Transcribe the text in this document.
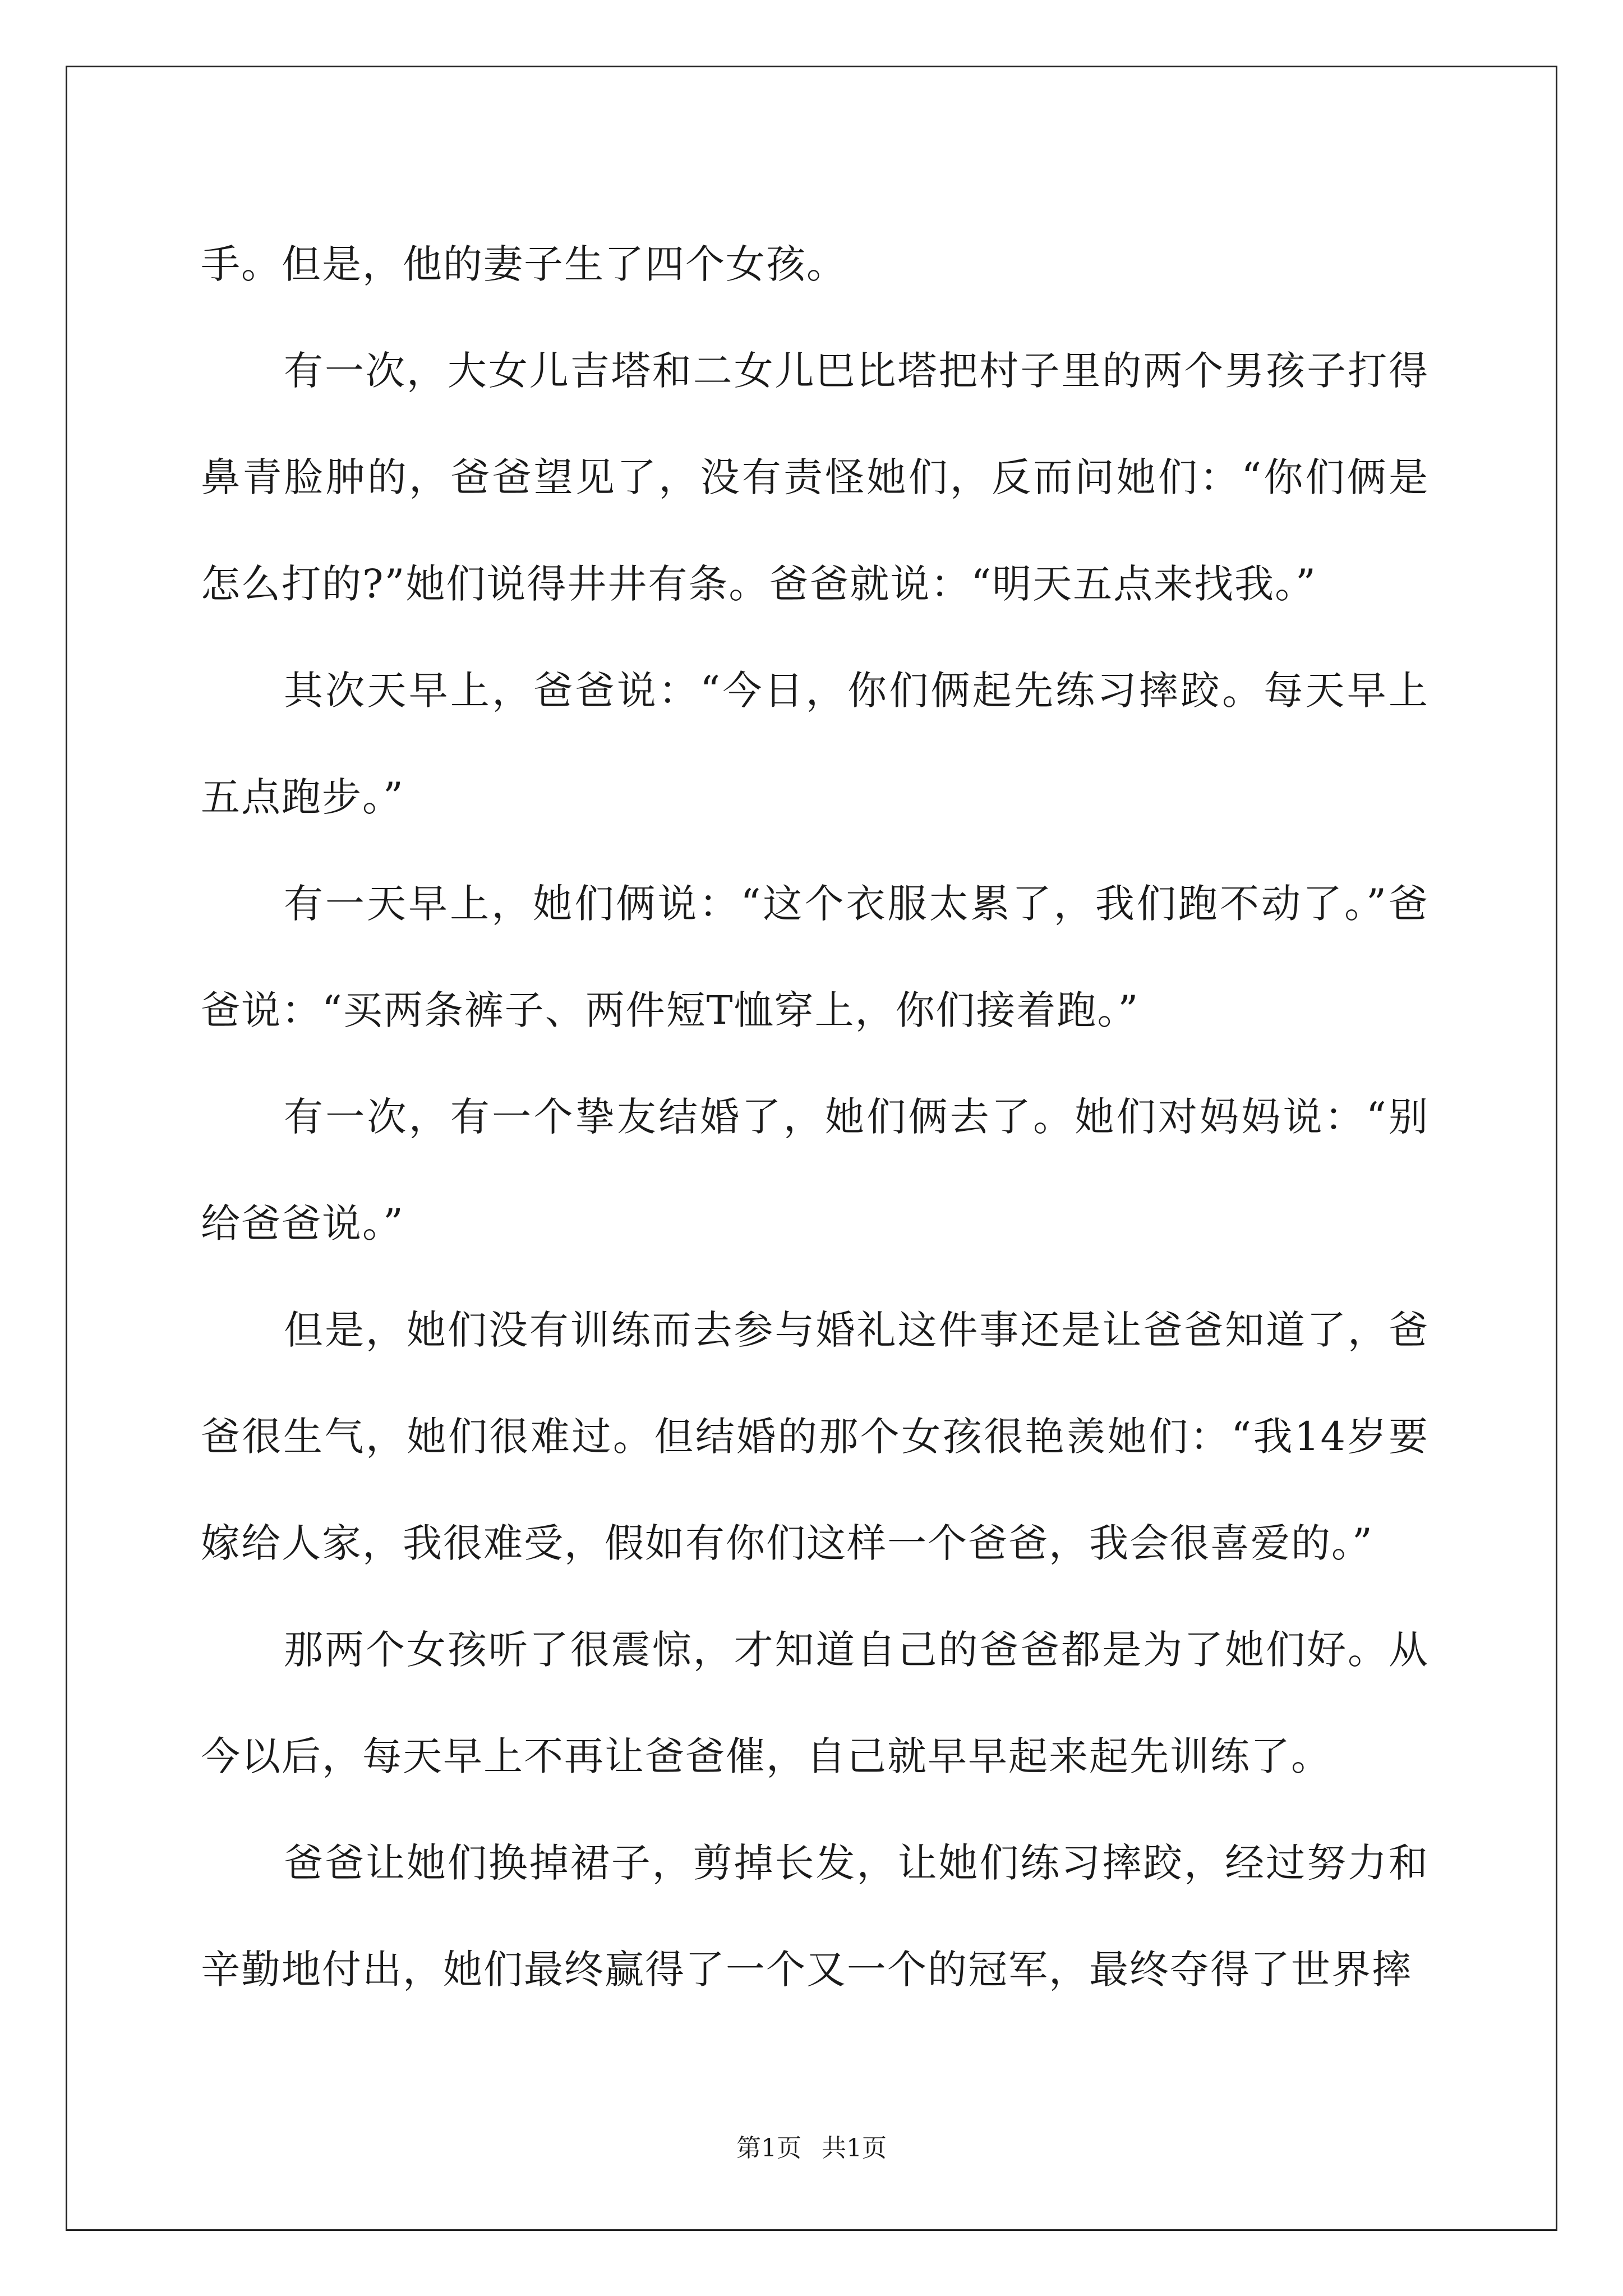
手。但是，他的妻子生了四个女孩。

有一次，大女儿吉塔和二女儿巴比塔把村子里的两个男孩子打得鼻青脸肿的，爸爸望见了，没有责怪她们，反而问她们：“你们俩是怎么打的?”她们说得井井有条。爸爸就说：“明天五点来找我。”

其次天早上，爸爸说：“今日，你们俩起先练习摔跤。每天早上五点跑步。”

有一天早上，她们俩说：“这个衣服太累了，我们跑不动了。”爸爸说：“买两条裤子、两件短T恤穿上，你们接着跑。”

有一次，有一个挚友结婚了，她们俩去了。她们对妈妈说：“别给爸爸说。”

但是，她们没有训练而去参与婚礼这件事还是让爸爸知道了，爸爸很生气，她们很难过。但结婚的那个女孩很艳羡她们：“我14岁要嫁给人家，我很难受，假如有你们这样一个爸爸，我会很喜爱的。”

那两个女孩听了很震惊，才知道自己的爸爸都是为了她们好。从今以后，每天早上不再让爸爸催，自己就早早起来起先训练了。

爸爸让她们换掉裙子，剪掉长发，让她们练习摔跤，经过努力和辛勤地付出，她们最终赢得了一个又一个的冠军，最终夺得了世界摔

第1页 共1页
